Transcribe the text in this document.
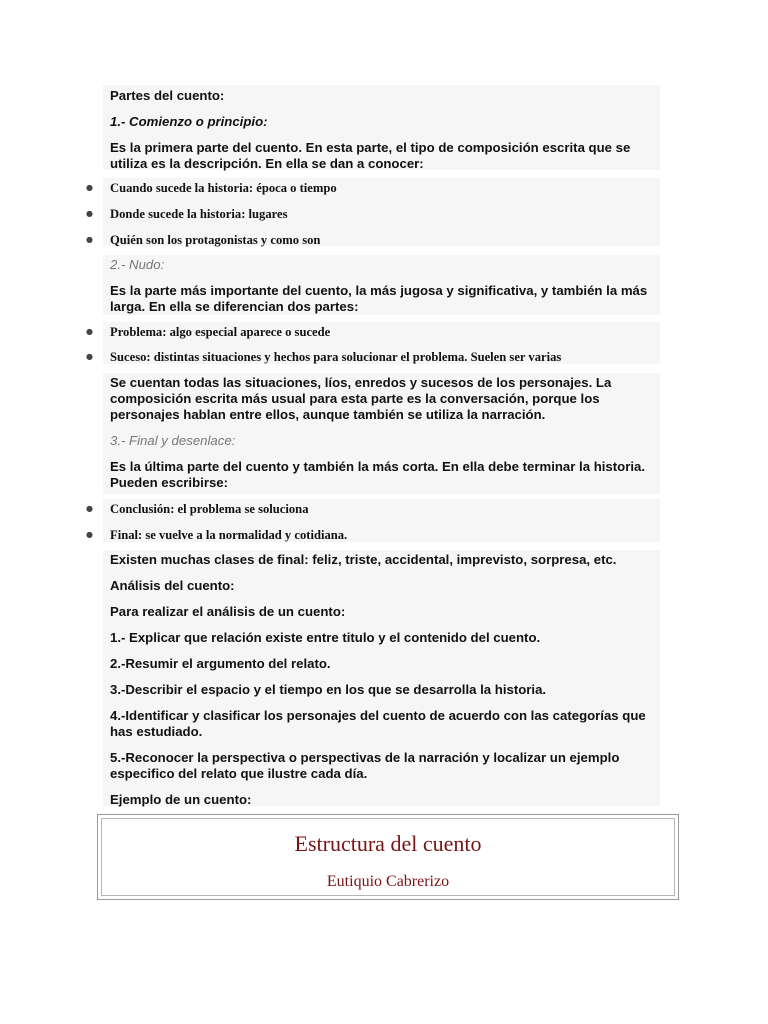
Partes del cuento:

1.- Comienzo o principio:

Es la primera parte del cuento. En esta parte, el tipo de composición escrita que se utiliza es la descripción. En ella se dan a conocer:

● Cuando sucede la historia: época o tiempo
● Donde sucede la historia: lugares
● Quién son los protagonistas y como son

2.- Nudo:

Es la parte más importante del cuento, la más jugosa y significativa, y también la más larga. En ella se diferencian dos partes:

● Problema: algo especial aparece o sucede
● Suceso: distintas situaciones y hechos para solucionar el problema. Suelen ser varias

Se cuentan todas las situaciones, líos, enredos y sucesos de los personajes. La composición escrita más usual para esta parte es la conversación, porque los personajes hablan entre ellos, aunque también se utiliza la narración.

3.- Final y desenlace:

Es la última parte del cuento y también la más corta. En ella debe terminar la historia. Pueden escribirse:

● Conclusión: el problema se soluciona
● Final: se vuelve a la normalidad y cotidiana.

Existen muchas clases de final: feliz, triste, accidental, imprevisto, sorpresa, etc.

Análisis del cuento:

Para realizar el análisis de un cuento:

1.- Explicar que relación existe entre titulo y el contenido del cuento.

2.-Resumir el argumento del relato.

3.-Describir el espacio y el tiempo en los que se desarrolla la historia.

4.-Identificar y clasificar los personajes del cuento de acuerdo con las categorías que has estudiado.

5.-Reconocer la perspectiva o perspectivas de la narración y localizar un ejemplo especifico del relato que ilustre cada día.

Ejemplo de un cuento:

Estructura del cuento
Eutiquio Cabrerizo
